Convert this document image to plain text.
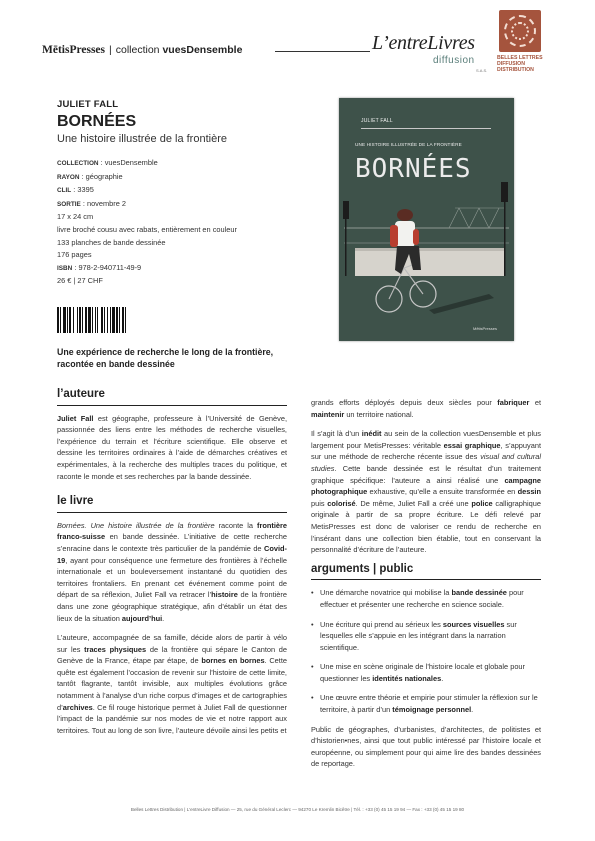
MētisPresses | collection vuesDensemble	L’entreLivres
diffusion
S.A.S.
BELLES LETTRES
DIFFUSION
DISTRIBUTION
JULIET FALL
BORNÉES
Une histoire illustrée de la frontière
COLLECTION : vuesDensemble
RAYON : géographie
CLIL : 3395
SORTIE : novembre 2
17 x 24 cm
livre broché cousu avec rabats, entièrement en couleur
133 planches de bande dessinée
176 pages
ISBN : 978-2-940711-49-9
26 € | 27 CHF
Une expérience de recherche le long de la frontière, racontée en bande dessinée
JULIET FALL
UNE HISTOIRE ILLUSTRÉE DE LA FRONTIÈRE
BORNÉES
MētisPresses
l’auteure

Juliet Fall est géographe, professeure à l’Université de Genève, passionnée des liens entre les méthodes de recherche visuelles, l’expérience du terrain et l’écriture scientifique. Elle observe et dessine les territoires ordinaires à l’aide de démarches créatives et expérimentales, à la recherche des multiples traces du politique, et raconte le monde et ses recherches par la bande dessinée.

le livre

Bornées. Une histoire illustrée de la frontière raconte la frontière franco-suisse en bande dessinée. L’initiative de cette recherche s’enracine dans le contexte très particulier de la pandémie de Covid-19, ayant pour conséquence une fermeture des frontières à l’échelle internationale et un bouleversement instantané du quotidien des territoires frontaliers. En prenant cet événement comme point de départ de sa réflexion, Juliet Fall va retracer l’histoire de la frontière dans une zone géographique stratégique, afin d’établir un état des lieux de la situation aujourd’hui.

L’auteure, accompagnée de sa famille, décide alors de partir à vélo sur les traces physiques de la frontière qui sépare le Canton de Genève de la France, étape par étape, de bornes en bornes. Cette quête est également l’occasion de revenir sur l’histoire de cette limite, tantôt flagrante, tantôt invisible, aux multiples évolutions grâce notamment à l’analyse d’un riche corpus d’images et de cartographies d’archives. Ce fil rouge historique permet à Juliet Fall de questionner l’impact de la pandémie sur nos modes de vie et notre rapport aux territoires. Tout au long de son livre, l’auteure dévoile ainsi les petits et

grands efforts déployés depuis deux siècles pour fabriquer et maintenir un territoire national.

Il s’agit là d’un inédit au sein de la collection vuesDensemble et plus largement pour MetisPresses: véritable essai graphique, s’appuyant sur une méthode de recherche récente issue des visual and cultural studies. Cette bande dessinée est le résultat d’un traitement graphique spécifique: l’auteure a ainsi réalisé une campagne photographique exhaustive, qu’elle a ensuite transformée en dessin puis colorisé. De même, Juliet Fall a créé une police calligraphique originale à partir de sa propre écriture. Le défi relevé par MetisPresses est donc de valoriser ce rendu de recherche en l’insérant dans une collection bien établie, tout en conservant la personnalité d’écriture de l’auteure.

arguments | public
• Une démarche novatrice qui mobilise la bande dessinée pour effectuer et présenter une recherche en science sociale.
• Une écriture qui prend au sérieux les sources visuelles sur lesquelles elle s’appuie en les intégrant dans la narration scientifique.
• Une mise en scène originale de l’histoire locale et globale pour questionner les identités nationales.
• Une œuvre entre théorie et empirie pour stimuler la réflexion sur le territoire, à partir d’un témoignage personnel.

Public de géographes, d’urbanistes, d’architectes, de politistes et d’historien•nes, ainsi que tout public intéressé par l’histoire locale et européenne, ou simplement pour qui aime lire des bandes dessinées de reportage.

Belles Lettres Distribution | L’entreLivre Diffusion — 25, rue du Général Leclerc — 94270 Le Kremlin Bicêtre | Tél. : +33 (0) 45 15 19 94 — Fax : +33 (0) 45 15 19 80
